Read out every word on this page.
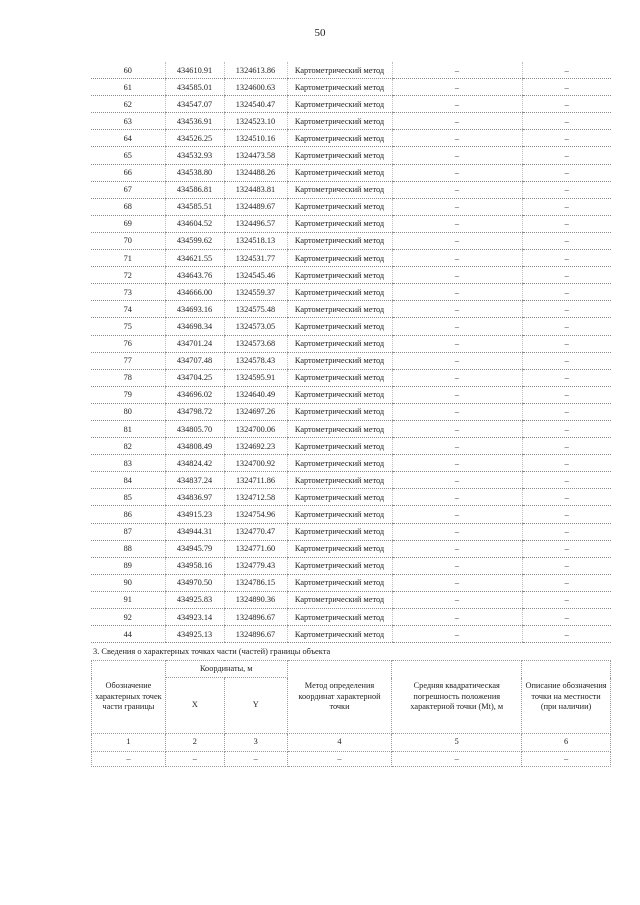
50
60	434610.91	1324613.86	Картометрический метод	–	–
61	434585.01	1324600.63	Картометрический метод	–	–
62	434547.07	1324540.47	Картометрический метод	–	–
63	434536.91	1324523.10	Картометрический метод	–	–
64	434526.25	1324510.16	Картометрический метод	–	–
65	434532.93	1324473.58	Картометрический метод	–	–
66	434538.80	1324488.26	Картометрический метод	–	–
67	434586.81	1324483.81	Картометрический метод	–	–
68	434585.51	1324489.67	Картометрический метод	–	–
69	434604.52	1324496.57	Картометрический метод	–	–
70	434599.62	1324518.13	Картометрический метод	–	–
71	434621.55	1324531.77	Картометрический метод	–	–
72	434643.76	1324545.46	Картометрический метод	–	–
73	434666.00	1324559.37	Картометрический метод	–	–
74	434693.16	1324575.48	Картометрический метод	–	–
75	434698.34	1324573.05	Картометрический метод	–	–
76	434701.24	1324573.68	Картометрический метод	–	–
77	434707.48	1324578.43	Картометрический метод	–	–
78	434704.25	1324595.91	Картометрический метод	–	–
79	434696.02	1324640.49	Картометрический метод	–	–
80	434798.72	1324697.26	Картометрический метод	–	–
81	434805.70	1324700.06	Картометрический метод	–	–
82	434808.49	1324692.23	Картометрический метод	–	–
83	434824.42	1324700.92	Картометрический метод	–	–
84	434837.24	1324711.86	Картометрический метод	–	–
85	434836.97	1324712.58	Картометрический метод	–	–
86	434915.23	1324754.96	Картометрический метод	–	–
87	434944.31	1324770.47	Картометрический метод	–	–
88	434945.79	1324771.60	Картометрический метод	–	–
89	434958.16	1324779.43	Картометрический метод	–	–
90	434970.50	1324786.15	Картометрический метод	–	–
91	434925.83	1324890.36	Картометрический метод	–	–
92	434923.14	1324896.67	Картометрический метод	–	–
44	434925.13	1324896.67	Картометрический метод	–	–
3. Сведения о характерных точках части (частей) границы объекта
Обозначение характерных точек части границы	Координаты, м		Метод определения координат характерной точки	Средняя квадратическая погрешность положения характерной точки (Мt), м	Описание обозначения точки на местности (при наличии)
	X	Y			
1	2	3	4	5	6
–	–	–	–	–	–
